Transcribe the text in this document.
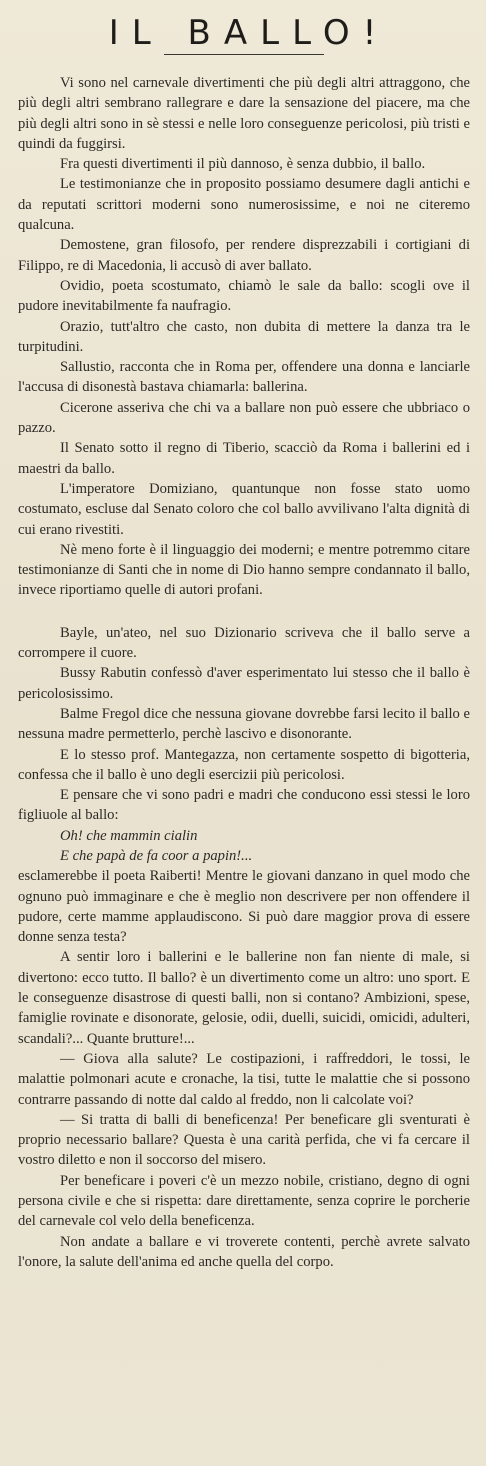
IL BALLO!

Vi sono nel carnevale divertimenti che più degli altri attraggono, che più degli altri sembrano rallegrare e dare la sensazione del piacere, ma che più degli altri sono in sè stessi e nelle loro conseguenze pericolosi, più tristi e quindi da fuggirsi.

Fra questi divertimenti il più dannoso, è senza dubbio, il ballo.

Le testimonianze che in proposito possiamo desumere dagli antichi e da reputati scrittori moderni sono numerosissime, e noi ne citeremo qualcuna.

Demostene, gran filosofo, per rendere disprezzabili i cortigiani di Filippo, re di Macedonia, li accusò di aver ballato.

Ovidio, poeta scostumato, chiamò le sale da ballo: scogli ove il pudore inevitabilmente fa naufragio.

Orazio, tutt'altro che casto, non dubita di mettere la danza tra le turpitudini.

Sallustio, racconta che in Roma per, offendere una donna e lanciarle l'accusa di disonestà bastava chiamarla: ballerina.

Cicerone asseriva che chi va a ballare non può essere che ubbriaco o pazzo.

Il Senato sotto il regno di Tiberio, scacciò da Roma i ballerini ed i maestri da ballo.

L'imperatore Domiziano, quantunque non fosse stato uomo costumato, escluse dal Senato coloro che col ballo avvilivano l'alta dignità di cui erano rivestiti.

Nè meno forte è il linguaggio dei moderni; e mentre potremmo citare testimonianze di Santi che in nome di Dio hanno sempre condannato il ballo, invece riportiamo quelle di autori profani.

Bayle, un'ateo, nel suo Dizionario scriveva che il ballo serve a corrompere il cuore.

Bussy Rabutin confessò d'aver esperimentato lui stesso che il ballo è pericolosissimo.

Balme Fregol dice che nessuna giovane dovrebbe farsi lecito il ballo e nessuna madre permetterlo, perchè lascivo e disonorante.

E lo stesso prof. Mantegazza, non certamente sospetto di bigotteria, confessa che il ballo è uno degli esercizii più pericolosi.

E pensare che vi sono padri e madri che conducono essi stessi le loro figliuole al ballo:

Oh! che mammin cialin

E che papà de fa coor a papin!...

esclamerebbe il poeta Raiberti! Mentre le giovani danzano in quel modo che ognuno può immaginare e che è meglio non descrivere per non offendere il pudore, certe mamme applaudiscono. Si può dare maggior prova di essere donne senza testa?

A sentir loro i ballerini e le ballerine non fan niente di male, si divertono: ecco tutto. Il ballo? è un divertimento come un altro: uno sport. E le conseguenze disastrose di questi balli, non si contano? Ambizioni, spese, famiglie rovinate e disonorate, gelosie, odii, duelli, suicidi, omicidi, adulteri, scandali?... Quante brutture!...

— Giova alla salute? Le costipazioni, i raffreddori, le tossi, le malattie polmonari acute e cronache, la tisi, tutte le malattie che si possono contrarre passando di notte dal caldo al freddo, non li calcolate voi?

— Si tratta di balli di beneficenza! Per beneficare gli sventurati è proprio necessario ballare? Questa è una carità perfida, che vi fa cercare il vostro diletto e non il soccorso del misero.

Per beneficare i poveri c'è un mezzo nobile, cristiano, degno di ogni persona civile e che si rispetta: dare direttamente, senza coprire le porcherie del carnevale col velo della beneficenza.

Non andate a ballare e vi troverete contenti, perchè avrete salvato l'onore, la salute dell'anima ed anche quella del corpo.
